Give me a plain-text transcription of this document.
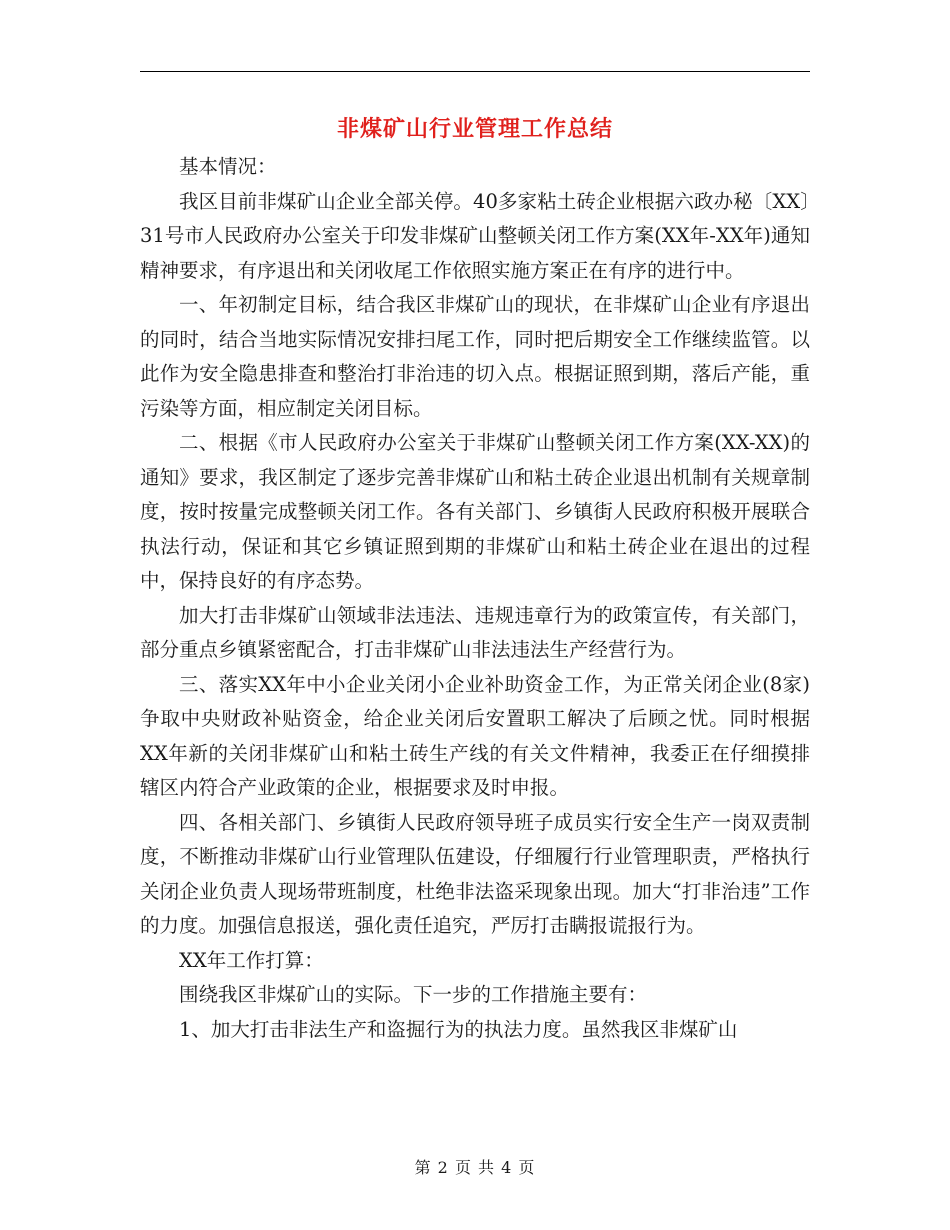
非煤矿山行业管理工作总结

基本情况：

我区目前非煤矿山企业全部关停。40多家粘土砖企业根据六政办秘〔XX〕31号市人民政府办公室关于印发非煤矿山整顿关闭工作方案(XX年-XX年)通知精神要求，有序退出和关闭收尾工作依照实施方案正在有序的进行中。

一、年初制定目标，结合我区非煤矿山的现状，在非煤矿山企业有序退出的同时，结合当地实际情况安排扫尾工作，同时把后期安全工作继续监管。以此作为安全隐患排查和整治打非治违的切入点。根据证照到期，落后产能，重污染等方面，相应制定关闭目标。

二、根据《市人民政府办公室关于非煤矿山整顿关闭工作方案(XX-XX)的通知》要求，我区制定了逐步完善非煤矿山和粘土砖企业退出机制有关规章制度，按时按量完成整顿关闭工作。各有关部门、乡镇街人民政府积极开展联合执法行动，保证和其它乡镇证照到期的非煤矿山和粘土砖企业在退出的过程中，保持良好的有序态势。

加大打击非煤矿山领域非法违法、违规违章行为的政策宣传，有关部门，部分重点乡镇紧密配合，打击非煤矿山非法违法生产经营行为。

三、落实XX年中小企业关闭小企业补助资金工作，为正常关闭企业(8家)争取中央财政补贴资金，给企业关闭后安置职工解决了后顾之忧。同时根据XX年新的关闭非煤矿山和粘土砖生产线的有关文件精神，我委正在仔细摸排辖区内符合产业政策的企业，根据要求及时申报。

四、各相关部门、乡镇街人民政府领导班子成员实行安全生产一岗双责制度，不断推动非煤矿山行业管理队伍建设，仔细履行行业管理职责，严格执行关闭企业负责人现场带班制度，杜绝非法盗采现象出现。加大“打非治违”工作的力度。加强信息报送，强化责任追究，严厉打击瞒报谎报行为。

XX年工作打算：

围绕我区非煤矿山的实际。下一步的工作措施主要有：

1、加大打击非法生产和盗掘行为的执法力度。虽然我区非煤矿山

第 2 页 共 4 页
